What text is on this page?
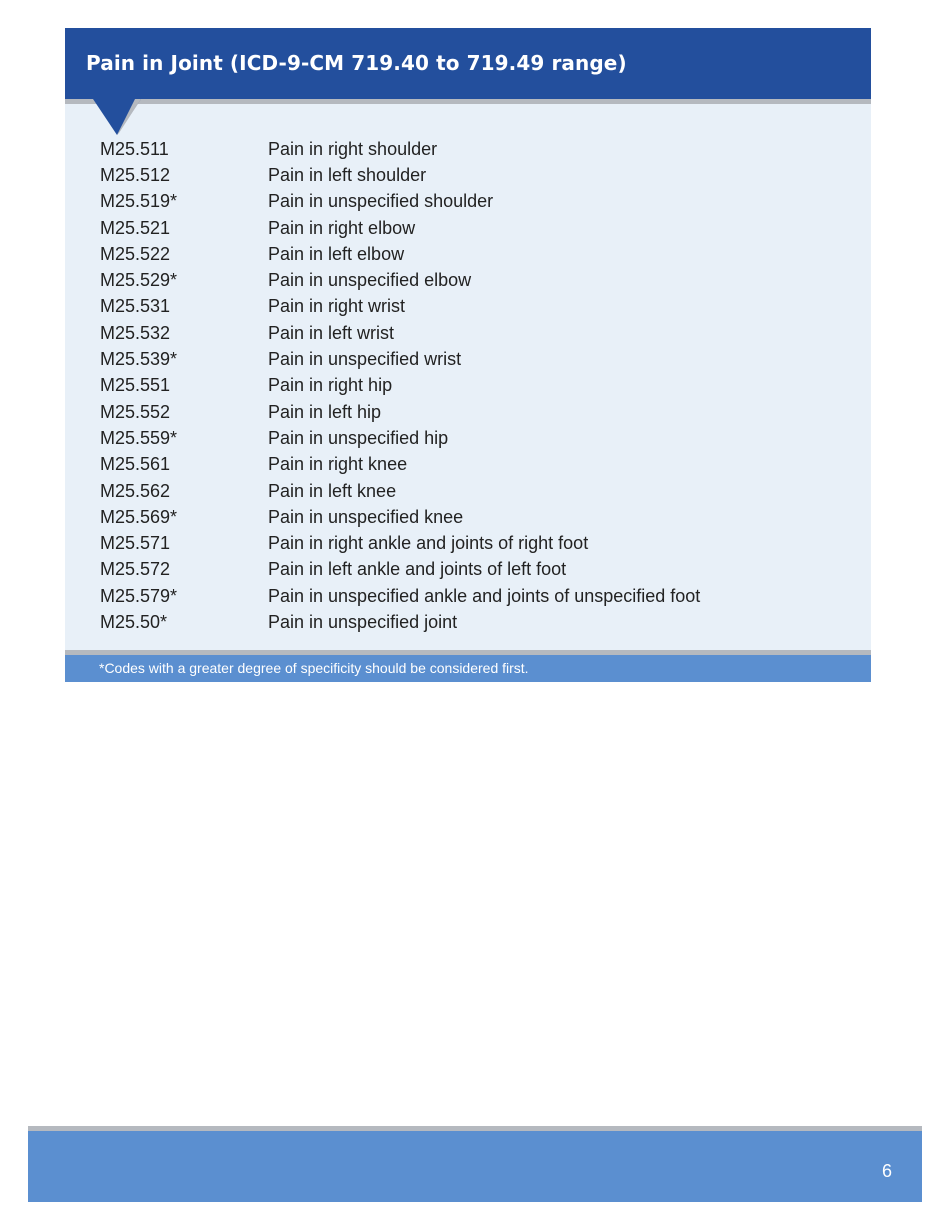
Pain in Joint (ICD-9-CM 719.40 to 719.49 range)
M25.511	Pain in right shoulder
M25.512	Pain in left shoulder
M25.519*	Pain in unspecified shoulder
M25.521	Pain in right elbow
M25.522	Pain in left elbow
M25.529*	Pain in unspecified elbow
M25.531	Pain in right wrist
M25.532	Pain in left wrist
M25.539*	Pain in unspecified wrist
M25.551	Pain in right hip
M25.552	Pain in left hip
M25.559*	Pain in unspecified hip
M25.561	Pain in right knee
M25.562	Pain in left knee
M25.569*	Pain in unspecified knee
M25.571	Pain in right ankle and joints of right foot
M25.572	Pain in left ankle and joints of left foot
M25.579*	Pain in unspecified ankle and joints of unspecified foot
M25.50*	Pain in unspecified joint
*Codes with a greater degree of specificity should be considered first.
6
